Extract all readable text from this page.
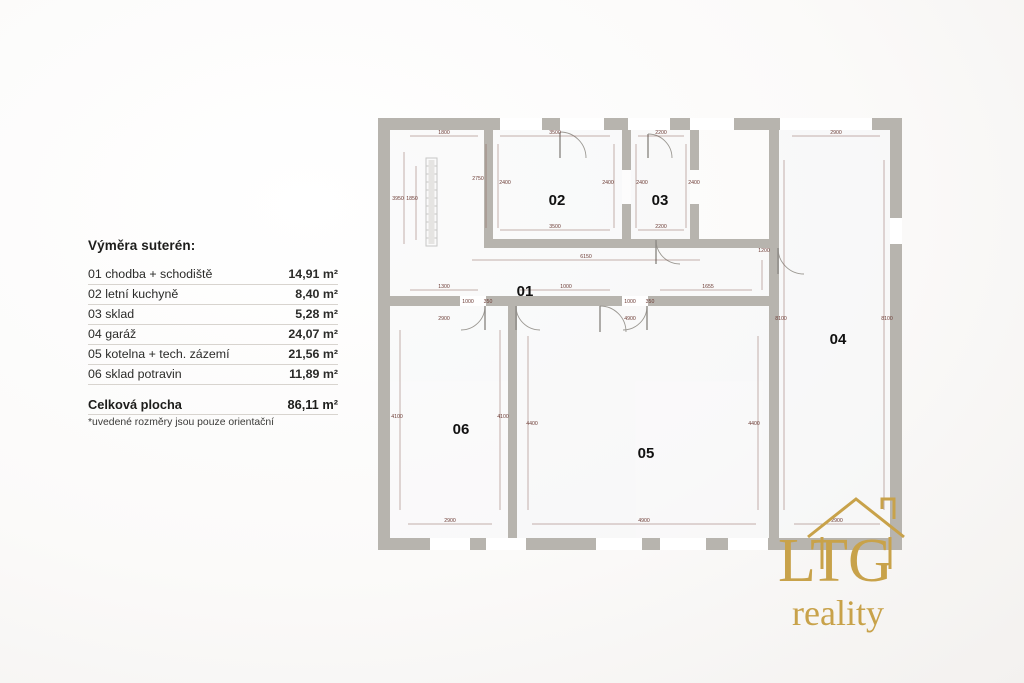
Výměra suterén:
01 chodba + schodiště	14,91 m²
02 letní kuchyně	8,40 m²
03 sklad	5,28 m²
04 garáž	24,07 m²
05 kotelna + tech. zázemí	21,56 m²
06 sklad potravin	11,89 m²
Celková plocha	86,11 m²
*uvedené rozměry jsou pouze orientační
1800	3500	2200	2900
2750
2400	2400	2400	2400
3950 1850
3500	2200
6150
1200
1300	1000	1655
1000 350	1000 350
2900	4900	8100	8100
4100	4100
4400	4400
2900	4900	2900
02	03
01
04
05
06
LTG
reality
